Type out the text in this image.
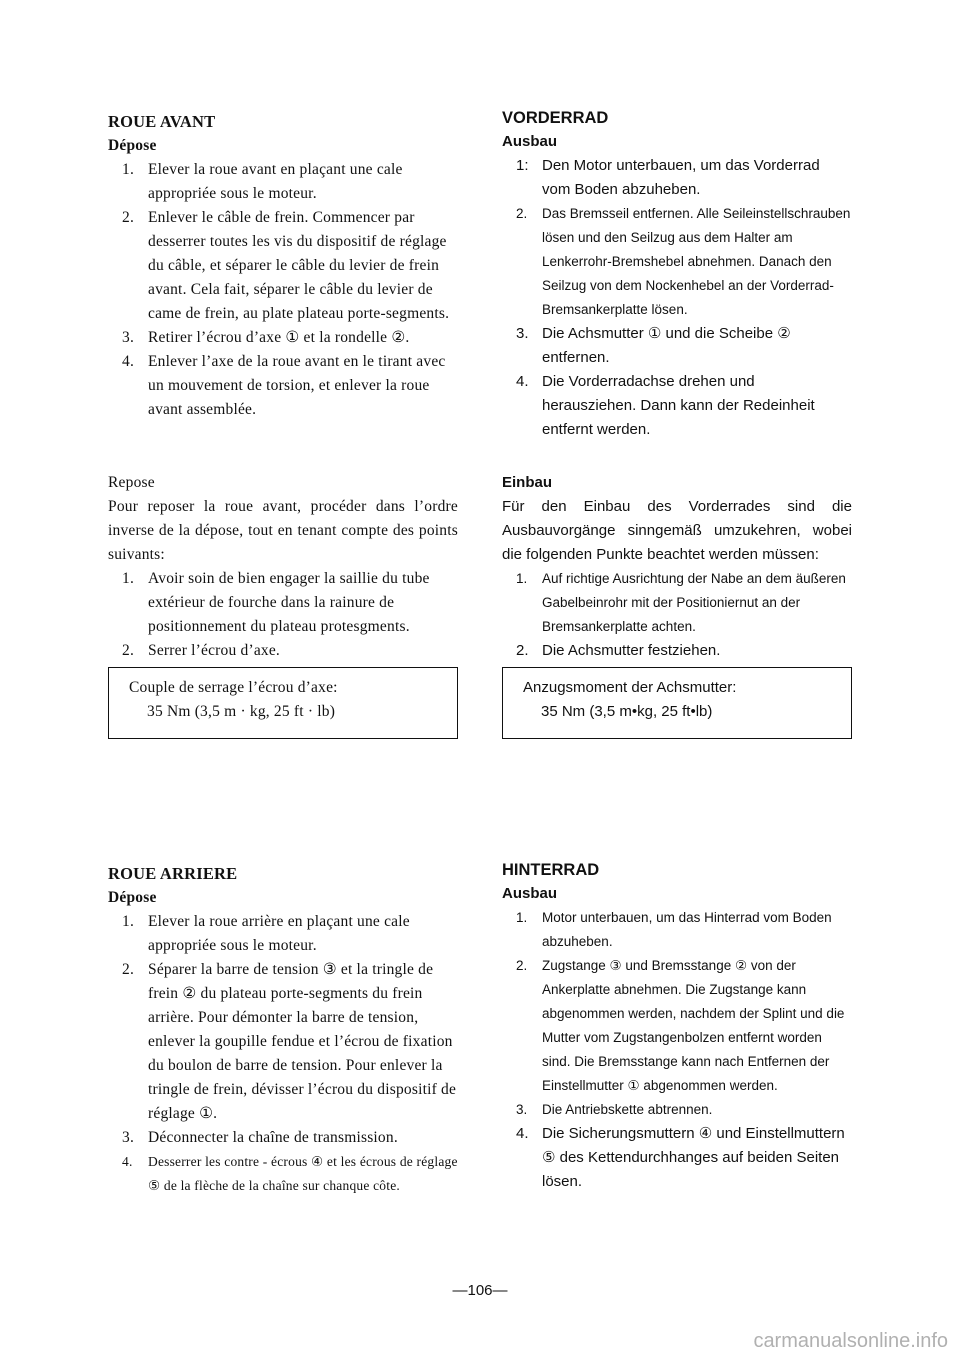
ROUE AVANT

Dépose

1. Elever la roue avant en plaçant une cale appropriée sous le moteur.
2. Enlever le câble de frein. Commencer par desserrer toutes les vis du dispositif de réglage du câble, et séparer le câble du levier de frein avant. Cela fait, séparer le câble du levier de came de frein, au plate plateau porte-segments.
3. Retirer l’écrou d’axe ① et la rondelle ②.
4. Enlever l’axe de la roue avant en le tirant avec un mouvement de torsion, et enlever la roue avant assemblée.

Repose

Pour reposer la roue avant, procéder dans l’ordre inverse de la dépose, tout en tenant compte des points suivants:

1. Avoir soin de bien engager la saillie du tube extérieur de fourche dans la rainure de positionnement du plateau protesgments.
2. Serrer l’écrou d’axe.
Couple de serrage l’écrou d’axe:
35 Nm (3,5 m · kg, 25 ft · lb)

VORDERRAD

Ausbau

1: Den Motor unterbauen, um das Vorderrad vom Boden abzuheben.
2. Das Bremsseil entfernen. Alle Seileinstellschrauben lösen und den Seilzug aus dem Halter am Lenkerrohr-Bremshebel abnehmen. Danach den Seilzug von dem Nockenhebel an der Vorderrad-Bremsankerplatte lösen.
3. Die Achsmutter ① und die Scheibe ② entfernen.
4. Die Vorderradachse drehen und herausziehen. Dann kann der Redeinheit entfernt werden.

Einbau

Für den Einbau des Vorderrades sind die Ausbauvorgänge sinngemäß umzukehren, wobei die folgenden Punkte beachtet werden müssen:

1. Auf richtige Ausrichtung der Nabe an dem äußeren Gabelbeinrohr mit der Positioniernut an der Bremsankerplatte achten.
2. Die Achsmutter festziehen.
Anzugsmoment der Achsmutter:
35 Nm (3,5 m•kg, 25 ft•lb)

ROUE ARRIERE

Dépose

1. Elever la roue arrière en plaçant une cale appropriée sous le moteur.
2. Séparer la barre de tension ③ et la tringle de frein ② du plateau porte-segments du frein arrière. Pour démonter la barre de tension, enlever la goupille fendue et l’écrou de fixation du boulon de barre de tension. Pour enlever la tringle de frein, dévisser l’écrou du dispositif de réglage ①.
3. Déconnecter la chaîne de transmission.
4. Desserrer les contre - écrous ④ et les écrous de réglage ⑤ de la flèche de la chaîne sur chanque côte.

HINTERRAD

Ausbau

1. Motor unterbauen, um das Hinterrad vom Boden abzuheben.
2. Zugstange ③ und Bremsstange ② von der Ankerplatte abnehmen. Die Zugstange kann abgenommen werden, nachdem der Splint und die Mutter vom Zugstangenbolzen entfernt worden sind. Die Bremsstange kann nach Entfernen der Einstellmutter ① abgenommen werden.
3. Die Antriebskette abtrennen.
4. Die Sicherungsmuttern ④ und Einstellmuttern ⑤ des Kettendurchhanges auf beiden Seiten lösen.
—106—
carmanualsonline.info
